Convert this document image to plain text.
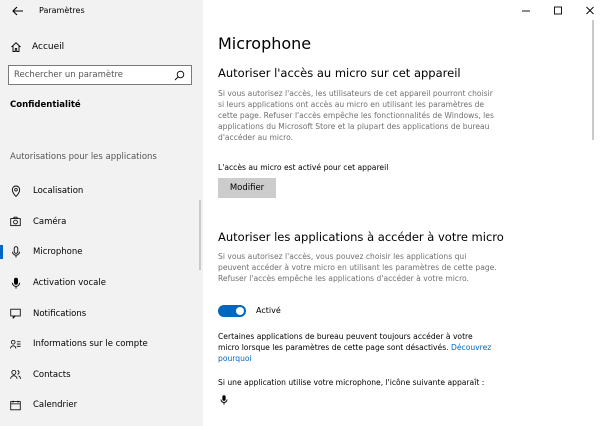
Paramètres
Accueil
Rechercher un paramètre
Confidentialité
Autorisations pour les applications
Localisation
Caméra
Microphone
Activation vocale
Notifications
Informations sur le compte
Contacts
Calendrier
Microphone
Autoriser l'accès au micro sur cet appareil
Si vous autorisez l'accès, les utilisateurs de cet appareil pourront choisir
si leurs applications ont accès au micro en utilisant les paramètres de
cette page. Refuser l'accès empêche les fonctionnalités de Windows, les
applications du Microsoft Store et la plupart des applications de bureau
d'accéder au micro.
L'accès au micro est activé pour cet appareil
Modifier
Autoriser les applications à accéder à votre micro
Si vous autorisez l'accès, vous pouvez choisir les applications qui
peuvent accéder à votre micro en utilisant les paramètres de cette page.
Refuser l'accès empêche les applications d'accéder à votre micro.
Activé
Certaines applications de bureau peuvent toujours accéder à votre
micro lorsque les paramètres de cette page sont désactivés. Découvrez
pourquoi
Si une application utilise votre microphone, l'icône suivante apparaît :
